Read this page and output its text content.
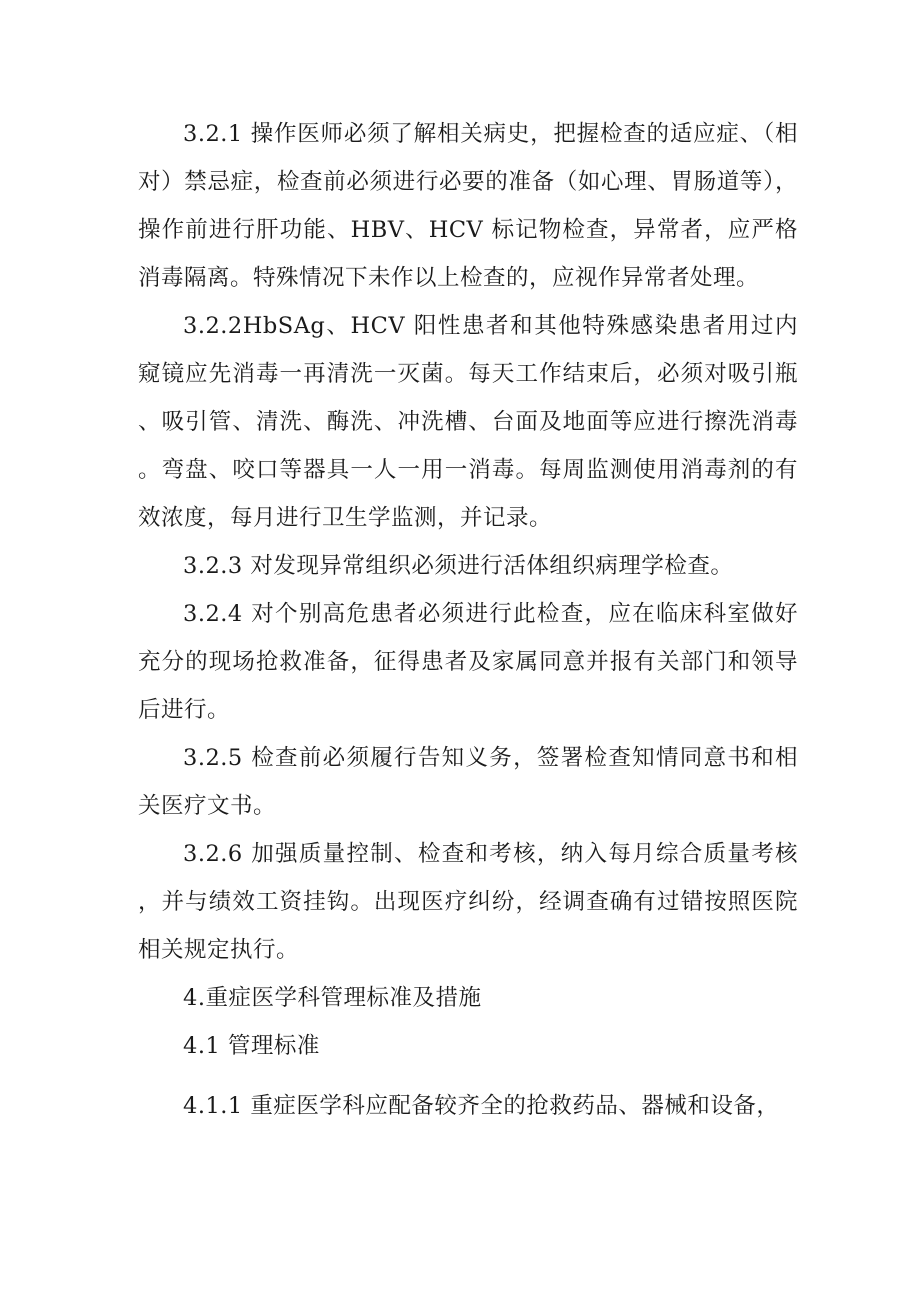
3.2.1 操作医师必须了解相关病史，把握检查的适应症、（相对）禁忌症，检查前必须进行必要的准备（如心理、胃肠道等），操作前进行肝功能、HBV、HCV 标记物检查，异常者，应严格消毒隔离。特殊情况下未作以上检查的，应视作异常者处理。

3.2.2HbSAg、HCV 阳性患者和其他特殊感染患者用过内窥镜应先消毒一再清洗一灭菌。每天工作结束后，必须对吸引瓶、吸引管、清洗、酶洗、冲洗槽、台面及地面等应进行擦洗消毒。弯盘、咬口等器具一人一用一消毒。每周监测使用消毒剂的有效浓度，每月进行卫生学监测，并记录。

3.2.3 对发现异常组织必须进行活体组织病理学检查。

3.2.4 对个别高危患者必须进行此检查，应在临床科室做好充分的现场抢救准备，征得患者及家属同意并报有关部门和领导后进行。

3.2.5 检查前必须履行告知义务，签署检查知情同意书和相关医疗文书。

3.2.6 加强质量控制、检查和考核，纳入每月综合质量考核，并与绩效工资挂钩。出现医疗纠纷，经调查确有过错按照医院相关规定执行。

4.重症医学科管理标准及措施

4.1 管理标准

4.1.1 重症医学科应配备较齐全的抢救药品、器械和设备，
